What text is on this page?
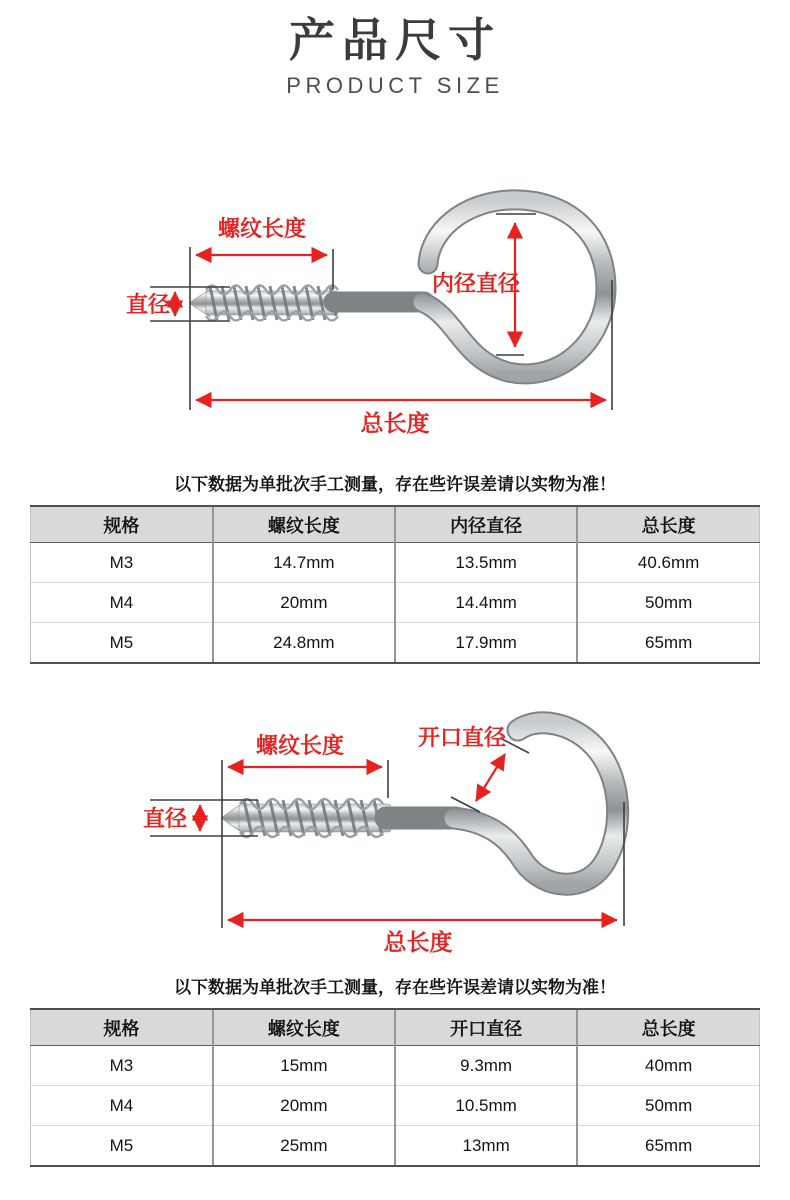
产品尺寸
PRODUCT SIZE
螺纹长度
直径
内径直径
总长度
以下数据为单批次手工测量，存在些许误差请以实物为准！
规格	螺纹长度	内径直径	总长度
M3	14.7mm	13.5mm	40.6mm
M4	20mm	14.4mm	50mm
M5	24.8mm	17.9mm	65mm
螺纹长度	开口直径
直径
总长度
以下数据为单批次手工测量，存在些许误差请以实物为准！
规格	螺纹长度	开口直径	总长度
M3	15mm	9.3mm	40mm
M4	20mm	10.5mm	50mm
M5	25mm	13mm	65mm
